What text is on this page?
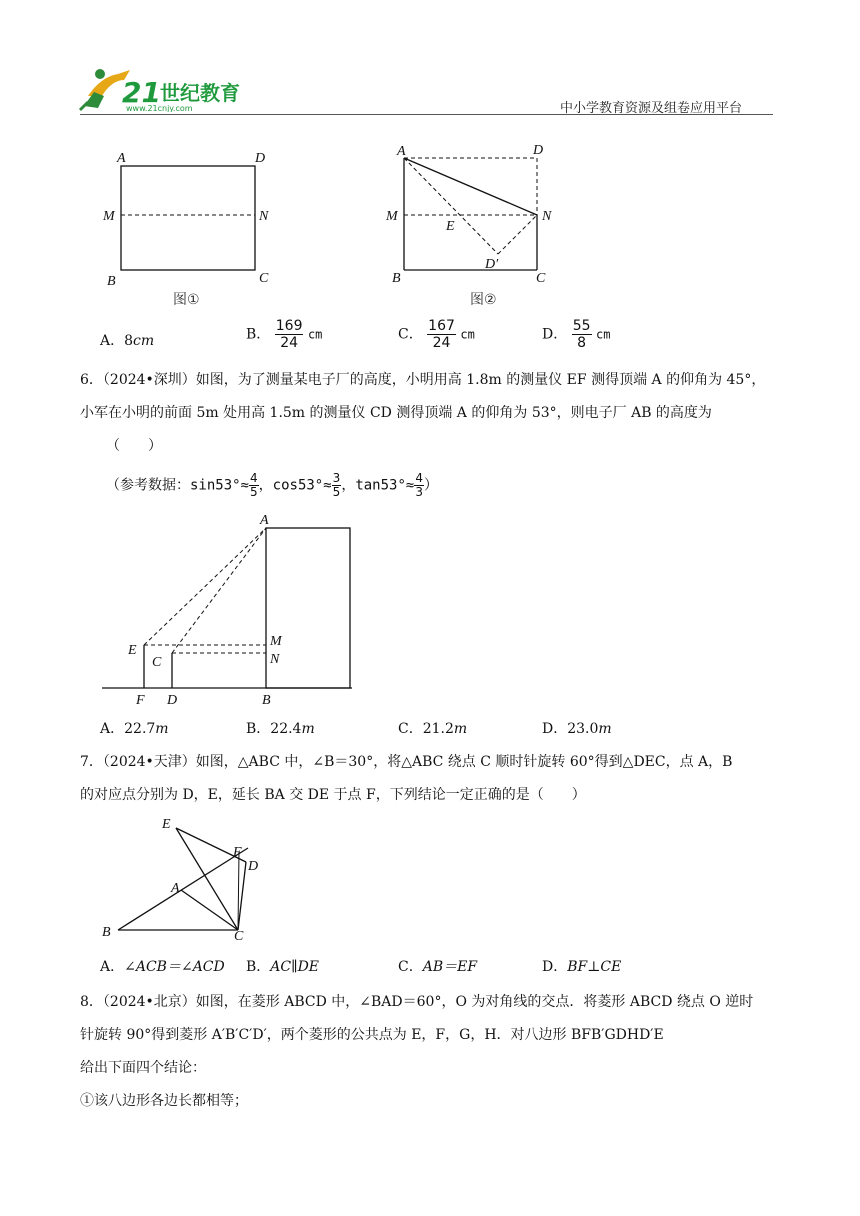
21 世纪教育
www.21cnjy.com	中小学教育资源及组卷应用平台
A	D
M	N
B	C
图①
A	D
M	N
E
D′
B	C
图②
A．8cm	B． $\frac{169}{24}$ cm	C． $\frac{167}{24}$ cm	D． $\frac{55}{8}$ cm
6．（2024•深圳）如图，为了测量某电子厂的高度，小明用高 1.8m 的测量仪 EF 测得顶端 A 的仰角为 45°，
小军在小明的前面 5m 处用高 1.5m 的测量仪 CD 测得顶端 A 的仰角为 53°，则电子厂 AB 的高度为
（　　）
（参考数据：$\sin 53^\circ\approx \frac{4}{5}$ ，$\cos 53^\circ\approx \frac{3}{5}$ ，$\tan 53^\circ\approx \frac{4}{3}$ ）
A
E
C
M
N
F D	B
A．22.7m	B．22.4m	C．21.2m	D．23.0m
7．（2024•天津）如图，△ABC 中，∠B＝30°，将△ABC 绕点 C 顺时针旋转 60°得到△DEC，点 A，B
的对应点分别为 D，E，延长 BA 交 DE 于点 F，下列结论一定正确的是（　　）
E
F
D
A
B	C
A．∠ACB＝∠ACD B．AC∥DE	C．AB＝EF	D．BF⊥CE
8．（2024•北京）如图，在菱形 ABCD 中，∠BAD＝60°，O 为对角线的交点．将菱形 ABCD 绕点 O 逆时
针旋转 90°得到菱形 A′B′C′D′，两个菱形的公共点为 E，F，G，H．对八边形 BFB′GDHD′E
给出下面四个结论：
①该八边形各边长都相等；
